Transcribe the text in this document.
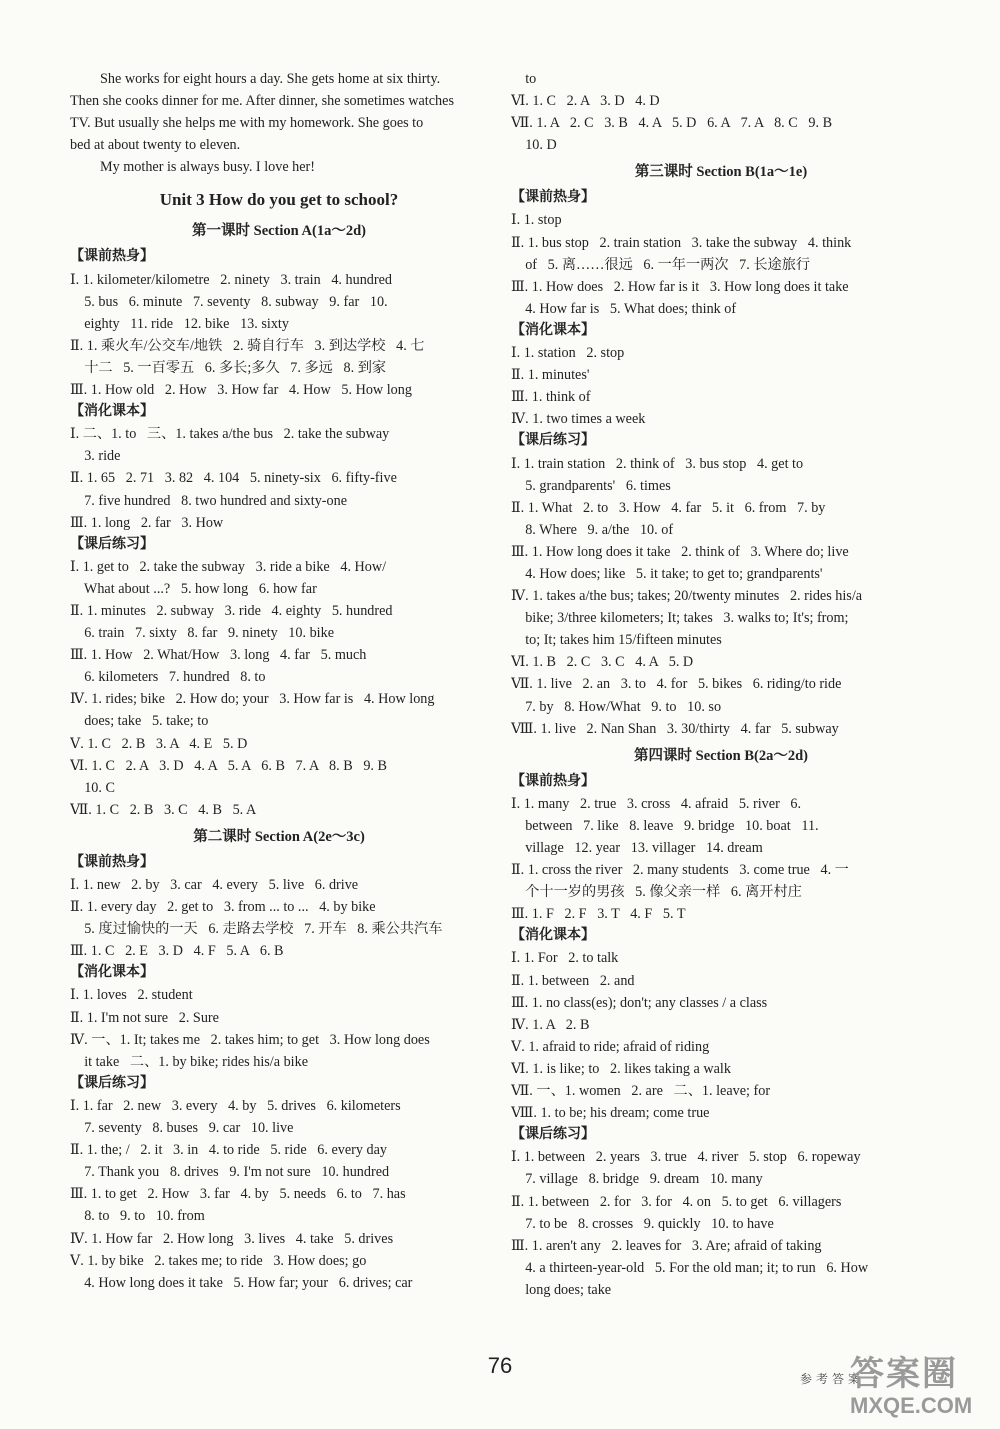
She works for eight hours a day. She gets home at six thirty.
Then she cooks dinner for me. After dinner, she sometimes watches
TV. But usually she helps me with my homework. She goes to
bed at about twenty to eleven.
My mother is always busy. I love her!
Unit 3 How do you get to school?
第一课时 Section A(1a～2d)
【课前热身】
Ⅰ. 1. kilometer/kilometre   2. ninety   3. train   4. hundred
5. bus   6. minute   7. seventy   8. subway   9. far   10.
eighty   11. ride   12. bike   13. sixty
Ⅱ. 1. 乘火车/公交车/地铁   2. 骑自行车   3. 到达学校   4. 七
十二   5. 一百零五   6. 多长;多久   7. 多远   8. 到家
Ⅲ. 1. How old   2. How   3. How far   4. How   5. How long
【消化课本】
Ⅰ. 二、1. to   三、1. takes a/the bus   2. take the subway
3. ride
Ⅱ. 1. 65   2. 71   3. 82   4. 104   5. ninety-six   6. fifty-five
7. five hundred   8. two hundred and sixty-one
Ⅲ. 1. long   2. far   3. How
【课后练习】
Ⅰ. 1. get to   2. take the subway   3. ride a bike   4. How/
What about ...?   5. how long   6. how far
Ⅱ. 1. minutes   2. subway   3. ride   4. eighty   5. hundred
6. train   7. sixty   8. far   9. ninety   10. bike
Ⅲ. 1. How   2. What/How   3. long   4. far   5. much
6. kilometers   7. hundred   8. to
Ⅳ. 1. rides; bike   2. How do; your   3. How far is   4. How long
does; take   5. take; to
Ⅴ. 1. C   2. B   3. A   4. E   5. D
Ⅵ. 1. C   2. A   3. D   4. A   5. A   6. B   7. A   8. B   9. B
10. C
Ⅶ. 1. C   2. B   3. C   4. B   5. A
第二课时 Section A(2e～3c)
【课前热身】
Ⅰ. 1. new   2. by   3. car   4. every   5. live   6. drive
Ⅱ. 1. every day   2. get to   3. from ... to ...   4. by bike
5. 度过愉快的一天   6. 走路去学校   7. 开车   8. 乘公共汽车
Ⅲ. 1. C   2. E   3. D   4. F   5. A   6. B
【消化课本】
Ⅰ. 1. loves   2. student
Ⅱ. 1. I'm not sure   2. Sure
Ⅳ. 一、1. It; takes me   2. takes him; to get   3. How long does
it take   二、1. by bike; rides his/a bike
【课后练习】
Ⅰ. 1. far   2. new   3. every   4. by   5. drives   6. kilometers
7. seventy   8. buses   9. car   10. live
Ⅱ. 1. the; /   2. it   3. in   4. to ride   5. ride   6. every day
7. Thank you   8. drives   9. I'm not sure   10. hundred
Ⅲ. 1. to get   2. How   3. far   4. by   5. needs   6. to   7. has
8. to   9. to   10. from
Ⅳ. 1. How far   2. How long   3. lives   4. take   5. drives
Ⅴ. 1. by bike   2. takes me; to ride   3. How does; go
4. How long does it take   5. How far; your   6. drives; car
to
Ⅵ. 1. C   2. A   3. D   4. D
Ⅶ. 1. A   2. C   3. B   4. A   5. D   6. A   7. A   8. C   9. B
10. D
第三课时 Section B(1a～1e)
【课前热身】
Ⅰ. 1. stop
Ⅱ. 1. bus stop   2. train station   3. take the subway   4. think
of   5. 离……很远   6. 一年一两次   7. 长途旅行
Ⅲ. 1. How does   2. How far is it   3. How long does it take
4. How far is   5. What does; think of
【消化课本】
Ⅰ. 1. station   2. stop
Ⅱ. 1. minutes'
Ⅲ. 1. think of
Ⅳ. 1. two times a week
【课后练习】
Ⅰ. 1. train station   2. think of   3. bus stop   4. get to
5. grandparents'   6. times
Ⅱ. 1. What   2. to   3. How   4. far   5. it   6. from   7. by
8. Where   9. a/the   10. of
Ⅲ. 1. How long does it take   2. think of   3. Where do; live
4. How does; like   5. it take; to get to; grandparents'
Ⅳ. 1. takes a/the bus; takes; 20/twenty minutes   2. rides his/a
bike; 3/three kilometers; It; takes   3. walks to; It's; from;
to; It; takes him 15/fifteen minutes
Ⅵ. 1. B   2. C   3. C   4. A   5. D
Ⅶ. 1. live   2. an   3. to   4. for   5. bikes   6. riding/to ride
7. by   8. How/What   9. to   10. so
Ⅷ. 1. live   2. Nan Shan   3. 30/thirty   4. far   5. subway
第四课时 Section B(2a～2d)
【课前热身】
Ⅰ. 1. many   2. true   3. cross   4. afraid   5. river   6.
between   7. like   8. leave   9. bridge   10. boat   11.
village   12. year   13. villager   14. dream
Ⅱ. 1. cross the river   2. many students   3. come true   4. 一
个十一岁的男孩   5. 像父亲一样   6. 离开村庄
Ⅲ. 1. F   2. F   3. T   4. F   5. T
【消化课本】
Ⅰ. 1. For   2. to talk
Ⅱ. 1. between   2. and
Ⅲ. 1. no class(es); don't; any classes / a class
Ⅳ. 1. A   2. B
Ⅴ. 1. afraid to ride; afraid of riding
Ⅵ. 1. is like; to   2. likes taking a walk
Ⅶ. 一、1. women   2. are   二、1. leave; for
Ⅷ. 1. to be; his dream; come true
【课后练习】
Ⅰ. 1. between   2. years   3. true   4. river   5. stop   6. ropeway
7. village   8. bridge   9. dream   10. many
Ⅱ. 1. between   2. for   3. for   4. on   5. to get   6. villagers
7. to be   8. crosses   9. quickly   10. to have
Ⅲ. 1. aren't any   2. leaves for   3. Are; afraid of taking
4. a thirteen-year-old   5. For the old man; it; to run   6. How
long does; take
76
参考答案
答案圈
MXQE.COM
